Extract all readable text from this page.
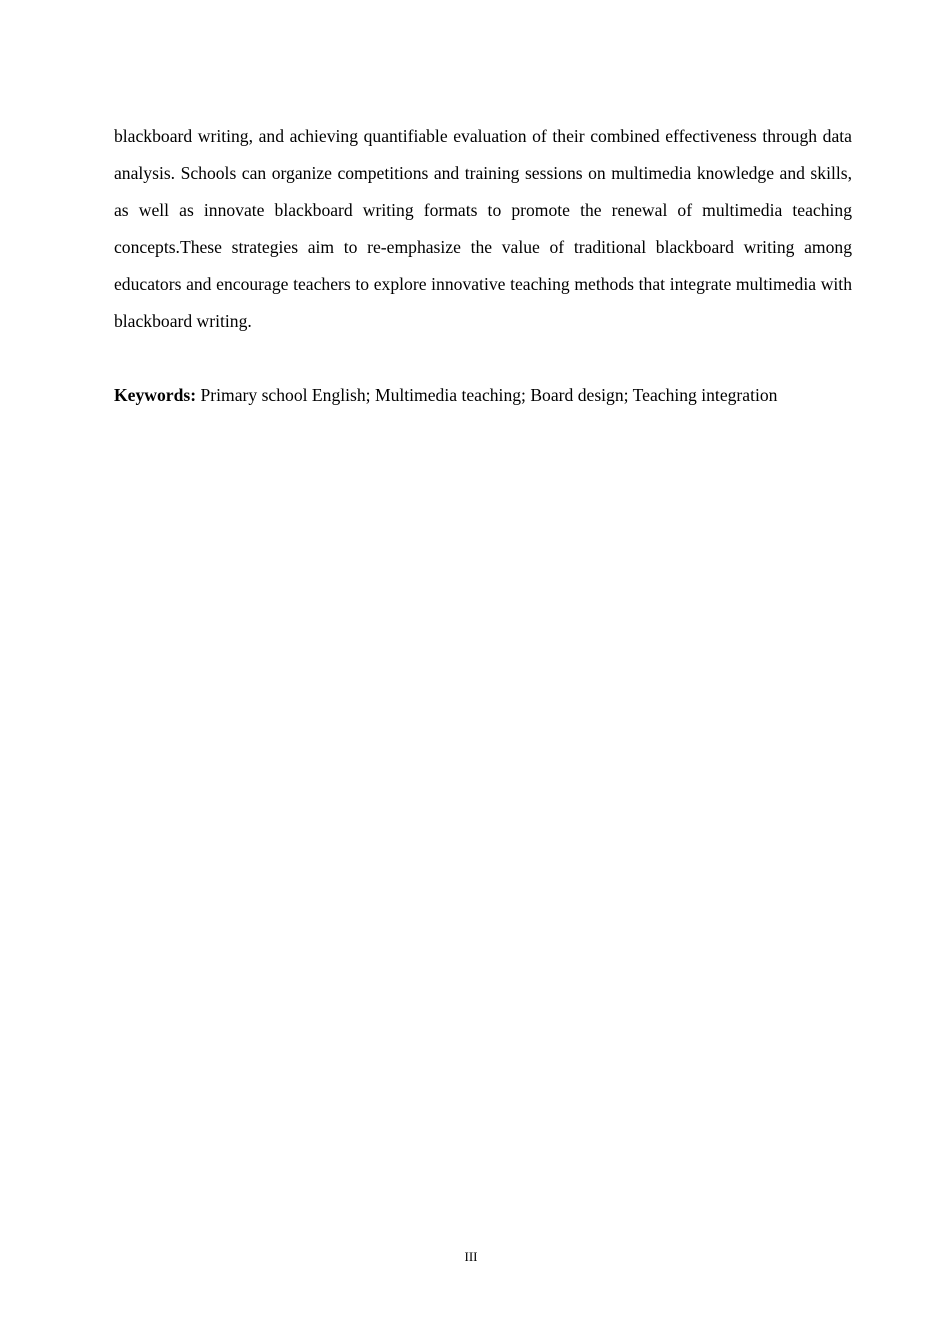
blackboard writing, and achieving quantifiable evaluation of their combined effectiveness through data analysis. Schools can organize competitions and training sessions on multimedia knowledge and skills, as well as innovate blackboard writing formats to promote the renewal of multimedia teaching concepts.These strategies aim to re-emphasize the value of traditional blackboard writing among educators and encourage teachers to explore innovative teaching methods that integrate multimedia with blackboard writing.

Keywords: Primary school English; Multimedia teaching; Board design; Teaching integration

III
